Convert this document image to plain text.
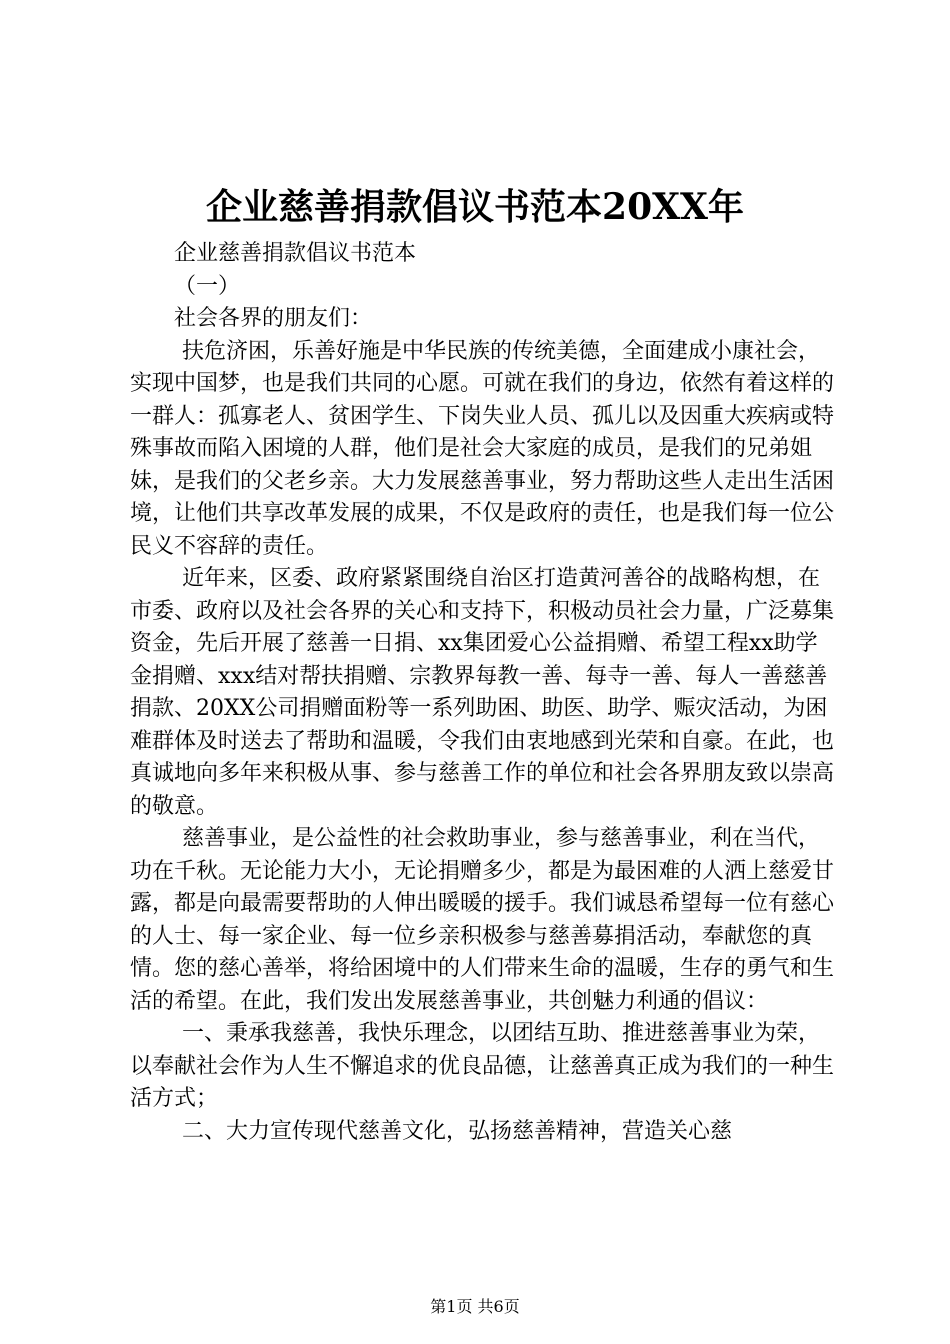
企业慈善捐款倡议书范本20XX年

企业慈善捐款倡议书范本

（一）

社会各界的朋友们：

扶危济困，乐善好施是中华民族的传统美德，全面建成小康社会，实现中国梦，也是我们共同的心愿。可就在我们的身边，依然有着这样的一群人：孤寡老人、贫困学生、下岗失业人员、孤儿以及因重大疾病或特殊事故而陷入困境的人群，他们是社会大家庭的成员，是我们的兄弟姐妹，是我们的父老乡亲。大力发展慈善事业，努力帮助这些人走出生活困境，让他们共享改革发展的成果，不仅是政府的责任，也是我们每一位公民义不容辞的责任。

近年来，区委、政府紧紧围绕自治区打造黄河善谷的战略构想，在市委、政府以及社会各界的关心和支持下，积极动员社会力量，广泛募集资金，先后开展了慈善一日捐、xx集团爱心公益捐赠、希望工程xx助学金捐赠、xxx结对帮扶捐赠、宗教界每教一善、每寺一善、每人一善慈善捐款、20XX公司捐赠面粉等一系列助困、助医、助学、赈灾活动，为困难群体及时送去了帮助和温暖，令我们由衷地感到光荣和自豪。在此，也真诚地向多年来积极从事、参与慈善工作的单位和社会各界朋友致以崇高的敬意。

慈善事业，是公益性的社会救助事业，参与慈善事业，利在当代，功在千秋。无论能力大小，无论捐赠多少，都是为最困难的人洒上慈爱甘露，都是向最需要帮助的人伸出暖暖的援手。我们诚恳希望每一位有慈心的人士、每一家企业、每一位乡亲积极参与慈善募捐活动，奉献您的真情。您的慈心善举，将给困境中的人们带来生命的温暖，生存的勇气和生活的希望。在此，我们发出发展慈善事业，共创魅力利通的倡议：

一、秉承我慈善，我快乐理念，以团结互助、推进慈善事业为荣，以奉献社会作为人生不懈追求的优良品德，让慈善真正成为我们的一种生活方式；

二、大力宣传现代慈善文化，弘扬慈善精神，营造关心慈

第1页 共6页
